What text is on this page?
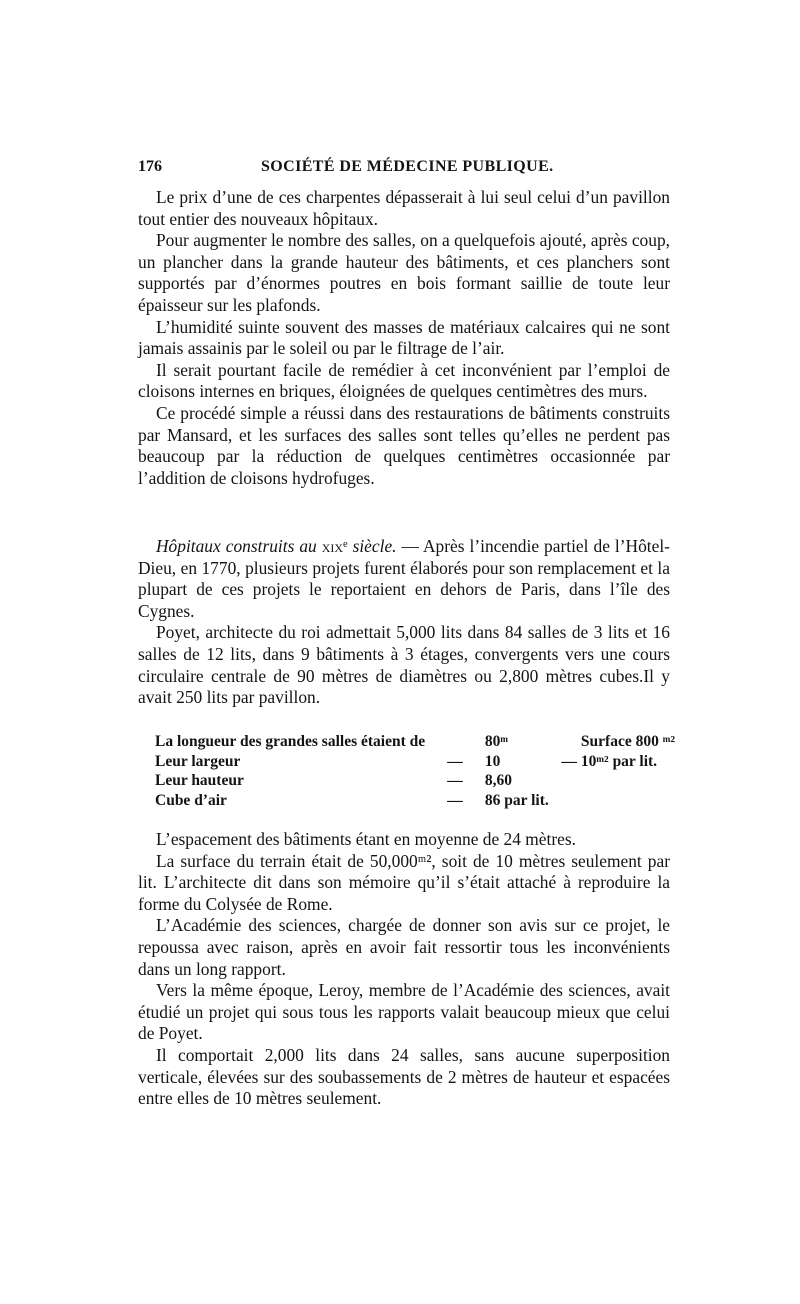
176	SOCIÉTÉ DE MÉDECINE PUBLIQUE.

Le prix d’une de ces charpentes dépasserait à lui seul celui d’un pavillon tout entier des nouveaux hôpitaux.

Pour augmenter le nombre des salles, on a quelquefois ajouté, après coup, un plancher dans la grande hauteur des bâtiments, et ces planchers sont supportés par d’énormes poutres en bois formant saillie de toute leur épaisseur sur les plafonds.

L’humidité suinte souvent des masses de matériaux calcaires qui ne sont jamais assainis par le soleil ou par le filtrage de l’air.

Il serait pourtant facile de remédier à cet inconvénient par l’emploi de cloisons internes en briques, éloignées de quelques centimètres des murs.

Ce procédé simple a réussi dans des restaurations de bâtiments construits par Mansard, et les surfaces des salles sont telles qu’elles ne perdent pas beaucoup par la réduction de quelques centimètres occasionnée par l’addition de cloisons hydrofuges.

Hôpitaux construits au xixᵉ siècle. — Après l’incendie partiel de l’Hôtel-Dieu, en 1770, plusieurs projets furent élaborés pour son remplacement et la plupart de ces projets le reportaient en dehors de Paris, dans l’île des Cygnes.

Poyet, architecte du roi admettait 5,000 lits dans 84 salles de 3 lits et 16 salles de 12 lits, dans 9 bâtiments à 3 étages, convergents vers une cours circulaire centrale de 90 mètres de diamètres ou 2,800 mètres cubes.Il y avait 250 lits par pavillon.

La longueur des grandes salles étaient de		80ᵐ		Surface 800 ᵐ²
Leur largeur	—	10	—	10ᵐ² par lit.
Leur hauteur	—	8,60		
Cube d’air	—	86 par lit.		

L’espacement des bâtiments étant en moyenne de 24 mètres.

La surface du terrain était de 50,000ᵐ², soit de 10 mètres seulement par lit. L’architecte dit dans son mémoire qu’il s’était attaché à reproduire la forme du Colysée de Rome.

L’Académie des sciences, chargée de donner son avis sur ce projet, le repoussa avec raison, après en avoir fait ressortir tous les inconvénients dans un long rapport.

Vers la même époque, Leroy, membre de l’Académie des sciences, avait étudié un projet qui sous tous les rapports valait beaucoup mieux que celui de Poyet.

Il comportait 2,000 lits dans 24 salles, sans aucune superposition verticale, élevées sur des soubassements de 2 mètres de hauteur et espacées entre elles de 10 mètres seulement.
